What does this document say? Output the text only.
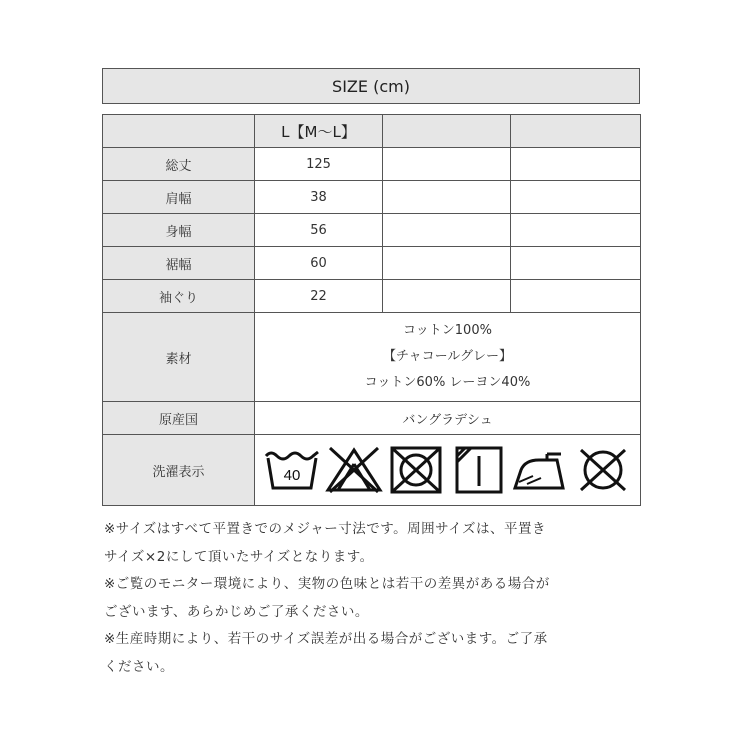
SIZE (cm)
	L【M～L】		
総丈	125		
肩幅	38		
身幅	56		
裾幅	60		
袖ぐり	22		
素材	コットン100%
【チャコールグレー】
コットン60% レーヨン40%		

原産国	バングラデシュ		
洗濯表示	40		
※サイズはすべて平置きでのメジャー寸法です。周囲サイズは、平置き
サイズ×2にして頂いたサイズとなります。
※ご覧のモニター環境により、実物の色味とは若干の差異がある場合が
ございます、あらかじめご了承ください。
※生産時期により、若干のサイズ誤差が出る場合がございます。ご了承
ください。
